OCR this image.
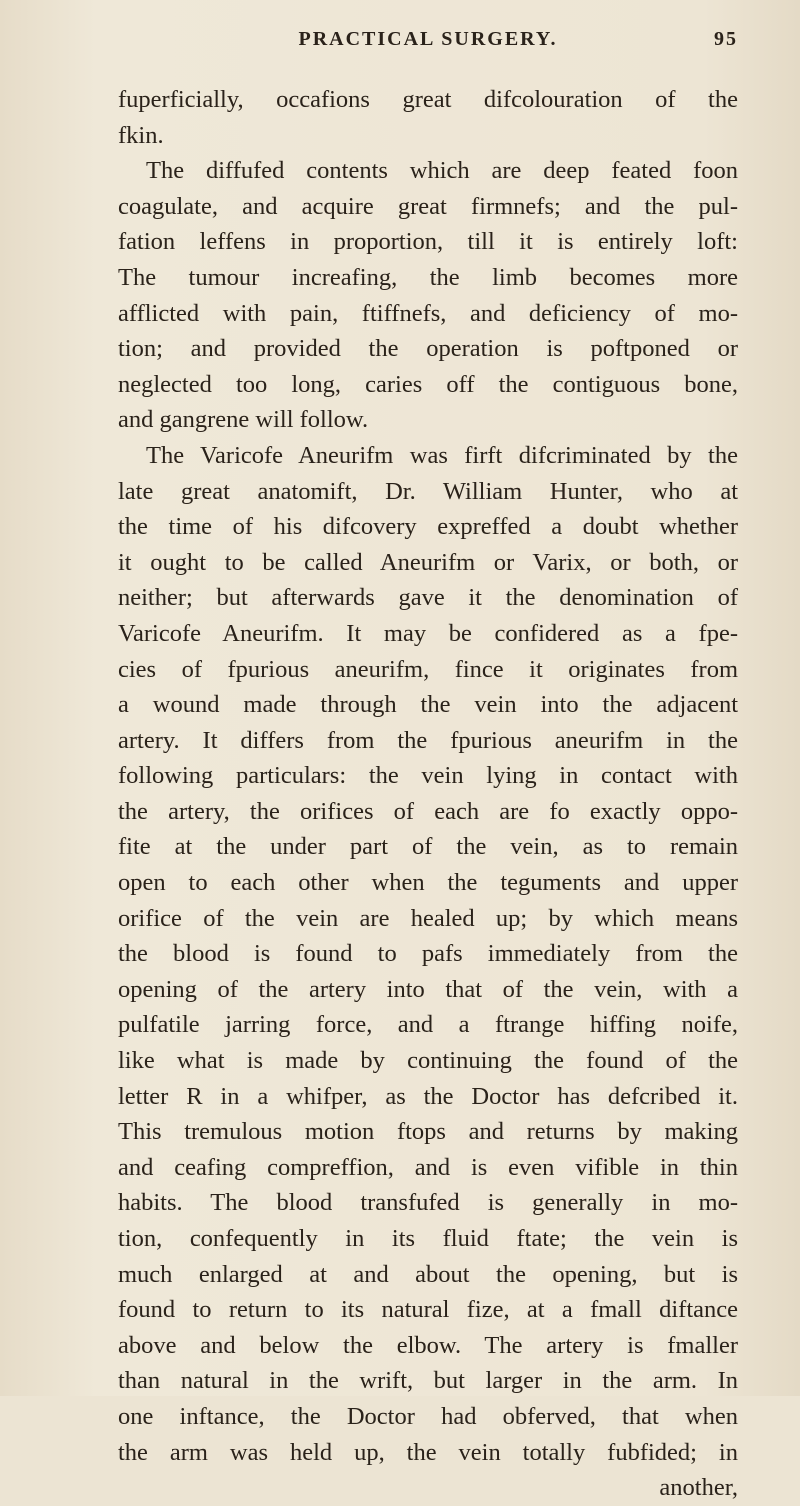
PRACTICAL SURGERY.	95
fuperficially, occafions great difcolouration of the
fkin.
The diffufed contents which are deep feated foon
coagulate, and acquire great firmnefs; and the pul-
fation leffens in proportion, till it is entirely loft:
The tumour increafing, the limb becomes more
afflicted with pain, ftiffnefs, and deficiency of mo-
tion; and provided the operation is poftponed or
neglected too long, caries off the contiguous bone,
and gangrene will follow.
The Varicofe Aneurifm was firft difcriminated by the
late great anatomift, Dr. William Hunter, who at
the time of his difcovery expreffed a doubt whether
it ought to be called Aneurifm or Varix, or both, or
neither; but afterwards gave it the denomination of
Varicofe Aneurifm. It may be confidered as a fpe-
cies of fpurious aneurifm, fince it originates from
a wound made through the vein into the adjacent
artery. It differs from the fpurious aneurifm in the
following particulars: the vein lying in contact with
the artery, the orifices of each are fo exactly oppo-
fite at the under part of the vein, as to remain
open to each other when the teguments and upper
orifice of the vein are healed up; by which means
the blood is found to pafs immediately from the
opening of the artery into that of the vein, with a
pulfatile jarring force, and a ftrange hiffing noife,
like what is made by continuing the found of the
letter R in a whifper, as the Doctor has defcribed it.
This tremulous motion ftops and returns by making
and ceafing compreffion, and is even vifible in thin
habits. The blood transfufed is generally in mo-
tion, confequently in its fluid ftate; the vein is
much enlarged at and about the opening, but is
found to return to its natural fize, at a fmall diftance
above and below the elbow. The artery is fmaller
than natural in the wrift, but larger in the arm. In
one inftance, the Doctor had obferved, that when
the arm was held up, the vein totally fubfided; in
another,
